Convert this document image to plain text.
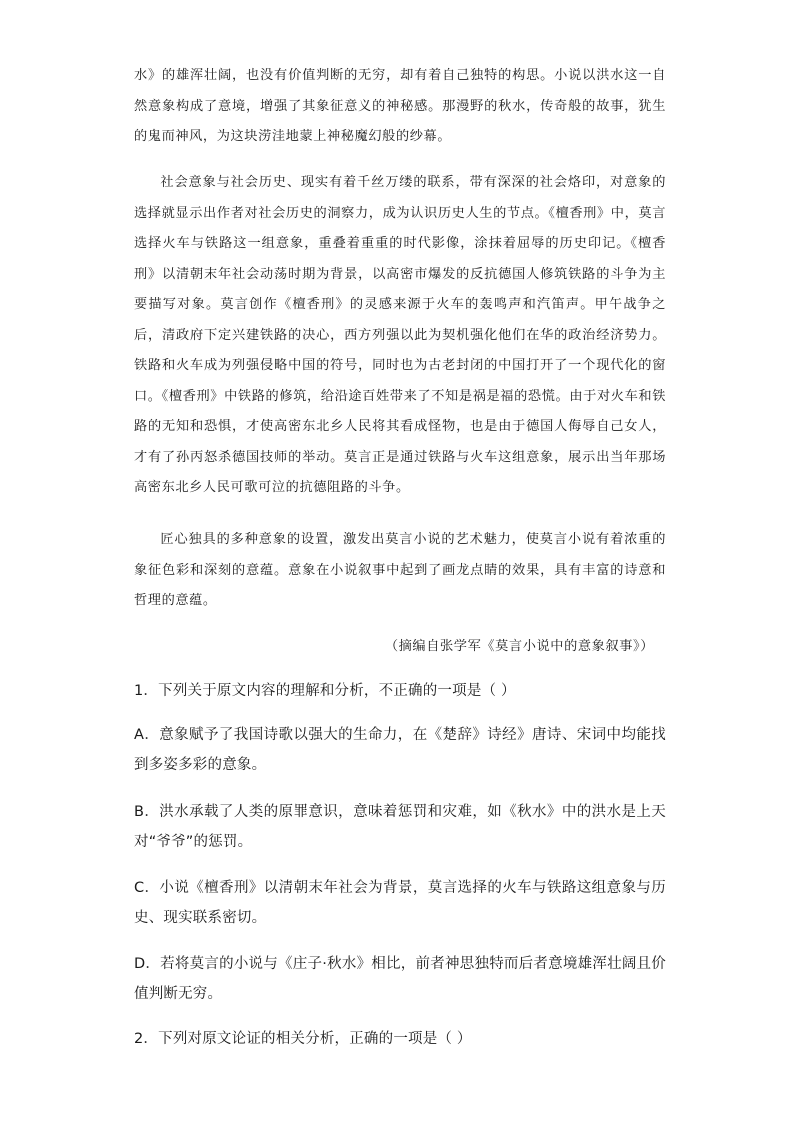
水》的雄浑壮阔，也没有价值判断的无穷，却有着自己独特的构思。小说以洪水这一自然意象构成了意境，增强了其象征意义的神秘感。那漫野的秋水，传奇般的故事，犹生的鬼而神风，为这块涝洼地蒙上神秘魔幻般的纱幕。

社会意象与社会历史、现实有着千丝万缕的联系，带有深深的社会烙印，对意象的选择就显示出作者对社会历史的洞察力，成为认识历史人生的节点。《檀香刑》中，莫言选择火车与铁路这一组意象，重叠着重重的时代影像，涂抹着屈辱的历史印记。《檀香刑》以清朝末年社会动荡时期为背景，以高密市爆发的反抗德国人修筑铁路的斗争为主要描写对象。莫言创作《檀香刑》的灵感来源于火车的轰鸣声和汽笛声。甲午战争之后，清政府下定兴建铁路的决心，西方列强以此为契机强化他们在华的政治经济势力。铁路和火车成为列强侵略中国的符号，同时也为古老封闭的中国打开了一个现代化的窗口。《檀香刑》中铁路的修筑，给沿途百姓带来了不知是祸是福的恐慌。由于对火车和铁路的无知和恐惧，才使高密东北乡人民将其看成怪物，也是由于德国人侮辱自己女人，才有了孙丙怒杀德国技师的举动。莫言正是通过铁路与火车这组意象，展示出当年那场高密东北乡人民可歌可泣的抗德阻路的斗争。

匠心独具的多种意象的设置，激发出莫言小说的艺术魅力，使莫言小说有着浓重的象征色彩和深刻的意蕴。意象在小说叙事中起到了画龙点睛的效果，具有丰富的诗意和哲理的意蕴。

（摘编自张学军《莫言小说中的意象叙事》）
1．下列关于原文内容的理解和分析，不正确的一项是（ ）
A．意象赋予了我国诗歌以强大的生命力，在《楚辞》诗经》唐诗、宋词中均能找到多姿多彩的意象。
B．洪水承载了人类的原罪意识，意味着惩罚和灾难，如《秋水》中的洪水是上天对“爷爷”的惩罚。
C．小说《檀香刑》以清朝末年社会为背景，莫言选择的火车与铁路这组意象与历史、现实联系密切。
D．若将莫言的小说与《庄子·秋水》相比，前者神思独特而后者意境雄浑壮阔且价值判断无穷。
2．下列对原文论证的相关分析，正确的一项是（ ）
